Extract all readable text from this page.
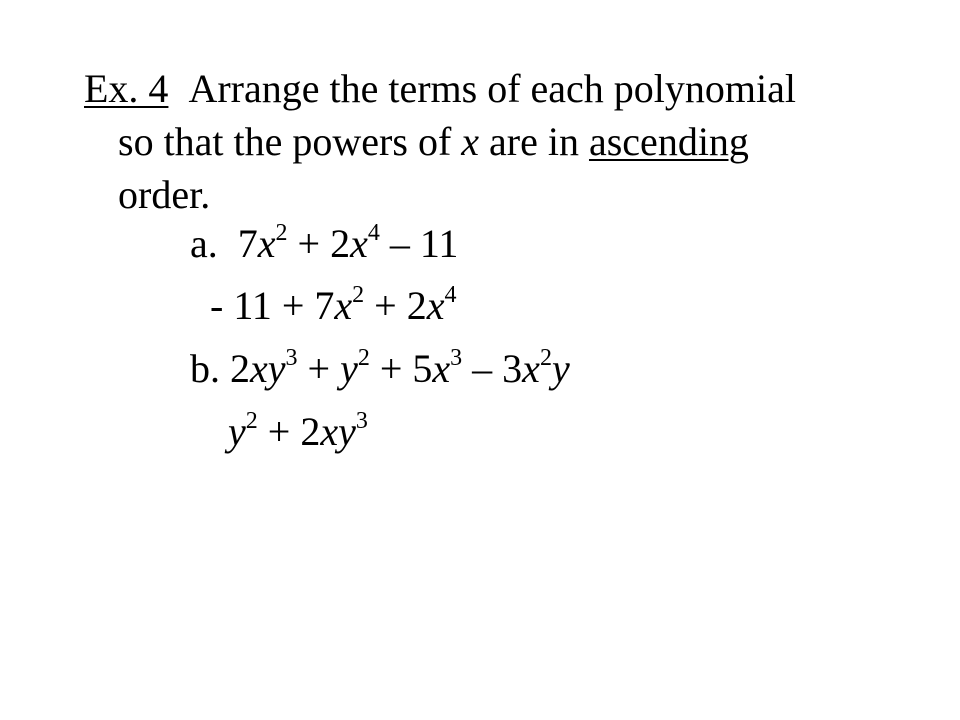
Ex. 4 Arrange the terms of each polynomial
so that the powers of x are in ascending
order.
a. $7x^2 + 2x^4 - 11$
- $11 + 7x^2 + 2x^4$
b. $2xy^3 + y^2 + 5x^3 - 3x^2y$
$y^2 + 2xy^3$
